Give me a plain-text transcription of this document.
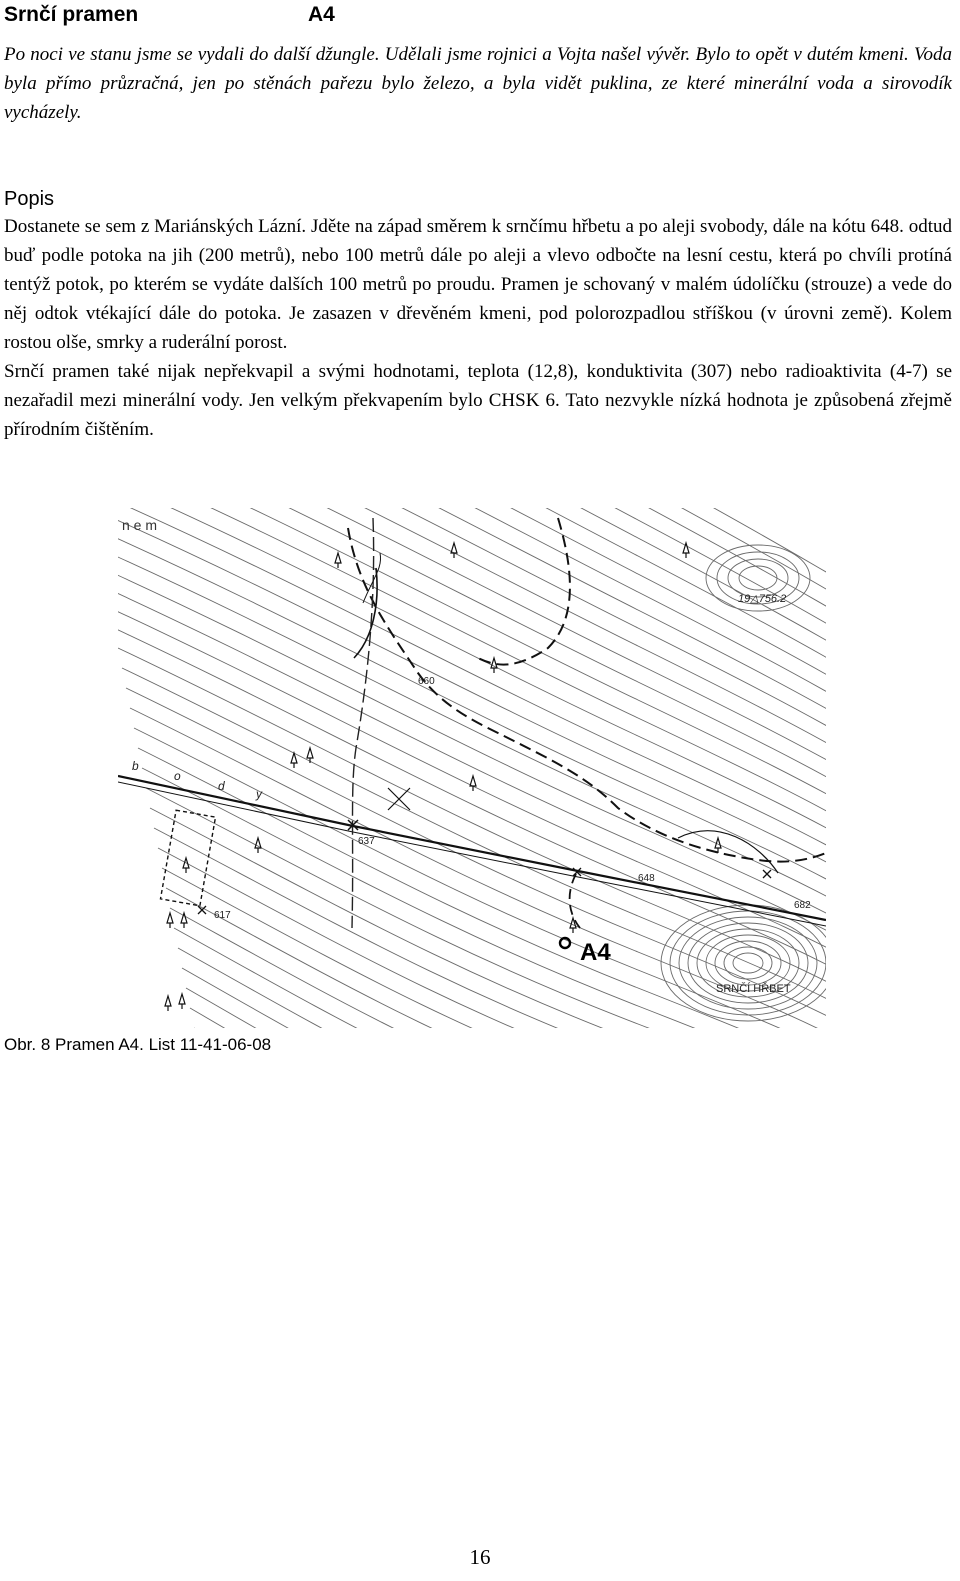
Srnčí pramen	A4

Po noci ve stanu jsme se vydali do další džungle. Udělali jsme rojnici a Vojta našel vývěr. Bylo to opět v dutém kmeni. Voda byla přímo průzračná, jen po stěnách pařezu bylo železo, a byla vidět puklina, ze které minerální voda a sirovodík vycházely.

Popis

Dostanete se sem z Mariánských Lázní. Jděte na západ směrem k srnčímu hřbetu a po aleji svobody, dále na kótu 648. odtud buď podle potoka na jih (200 metrů), nebo 100 metrů dále po aleji a vlevo odbočte na lesní cestu, která po chvíli protíná tentýž potok, po kterém se vydáte dalších 100 metrů po proudu. Pramen je schovaný v malém údolíčku (strouze) a vede do něj odtok vtékající dále do potoka. Je zasazen v dřevěném kmeni, pod polorozpadlou stříškou (v úrovni země). Kolem rostou olše, smrky a ruderální porost.

Srnčí pramen také nijak nepřekvapil a svými hodnotami, teplota (12,8), konduktivita (307) nebo radioaktivita (4-7) se nezařadil mezi minerální vody. Jen velkým překvapením bylo CHSK 6. Tato nezvykle nízká hodnota je způsobená zřejmě přírodním čištěním.

n e m
19△756.2
660
637
617
648
682
A4
SRNČÍ HŘBET
b
o
d
y

Obr. 8 Pramen A4. List 11-41-06-08

16
